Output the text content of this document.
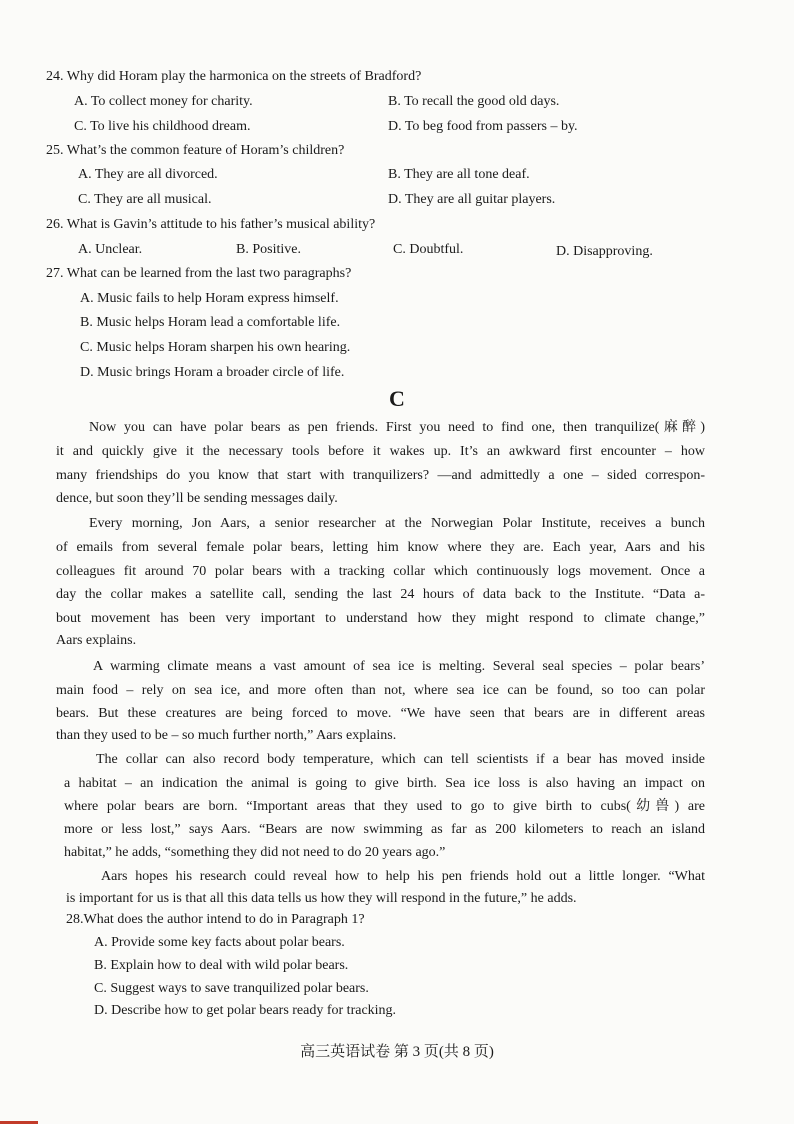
24. Why did Horam play the harmonica on the streets of Bradford?
A. To collect money for charity.	B. To recall the good old days.
C. To live his childhood dream.	D. To beg food from passers – by.
25. What’s the common feature of Horam’s children?
A. They are all divorced.	B. They are all tone deaf.
C. They are all musical.	D. They are all guitar players.
26. What is Gavin’s attitude to his father’s musical ability?
A. Unclear.	B. Positive.	C. Doubtful.	D. Disapproving.
27. What can be learned from the last two paragraphs?
A. Music fails to help Horam express himself.
B. Music helps Horam lead a comfortable life.
C. Music helps Horam sharpen his own hearing.
D. Music brings Horam a broader circle of life.
C
Now you can have polar bears as pen friends. First you need to find one, then tranquilize(麻醉)
it and quickly give it the necessary tools before it wakes up. It’s an awkward first encounter – how
many friendships do you know that start with tranquilizers? —and admittedly a one – sided correspon-
dence, but soon they’ll be sending messages daily.
Every morning, Jon Aars, a senior researcher at the Norwegian Polar Institute, receives a bunch
of emails from several female polar bears, letting him know where they are. Each year, Aars and his
colleagues fit around 70 polar bears with a tracking collar which continuously logs movement. Once a
day the collar makes a satellite call, sending the last 24 hours of data back to the Institute. “Data a-
bout movement has been very important to understand how they might respond to climate change,”
Aars explains.
A warming climate means a vast amount of sea ice is melting. Several seal species – polar bears’
main food – rely on sea ice, and more often than not, where sea ice can be found, so too can polar
bears. But these creatures are being forced to move. “We have seen that bears are in different areas
than they used to be – so much further north,” Aars explains.
The collar can also record body temperature, which can tell scientists if a bear has moved inside
a habitat – an indication the animal is going to give birth. Sea ice loss is also having an impact on
where polar bears are born. “Important areas that they used to go to give birth to cubs(幼兽) are
more or less lost,” says Aars. “Bears are now swimming as far as 200 kilometers to reach an island
habitat,” he adds, “something they did not need to do 20 years ago.”
Aars hopes his research could reveal how to help his pen friends hold out a little longer. “What
is important for us is that all this data tells us how they will respond in the future,” he adds.
28.What does the author intend to do in Paragraph 1?
A. Provide some key facts about polar bears.
B. Explain how to deal with wild polar bears.
C. Suggest ways to save tranquilized polar bears.
D. Describe how to get polar bears ready for tracking.
高三英语试卷 第 3 页(共 8 页)
